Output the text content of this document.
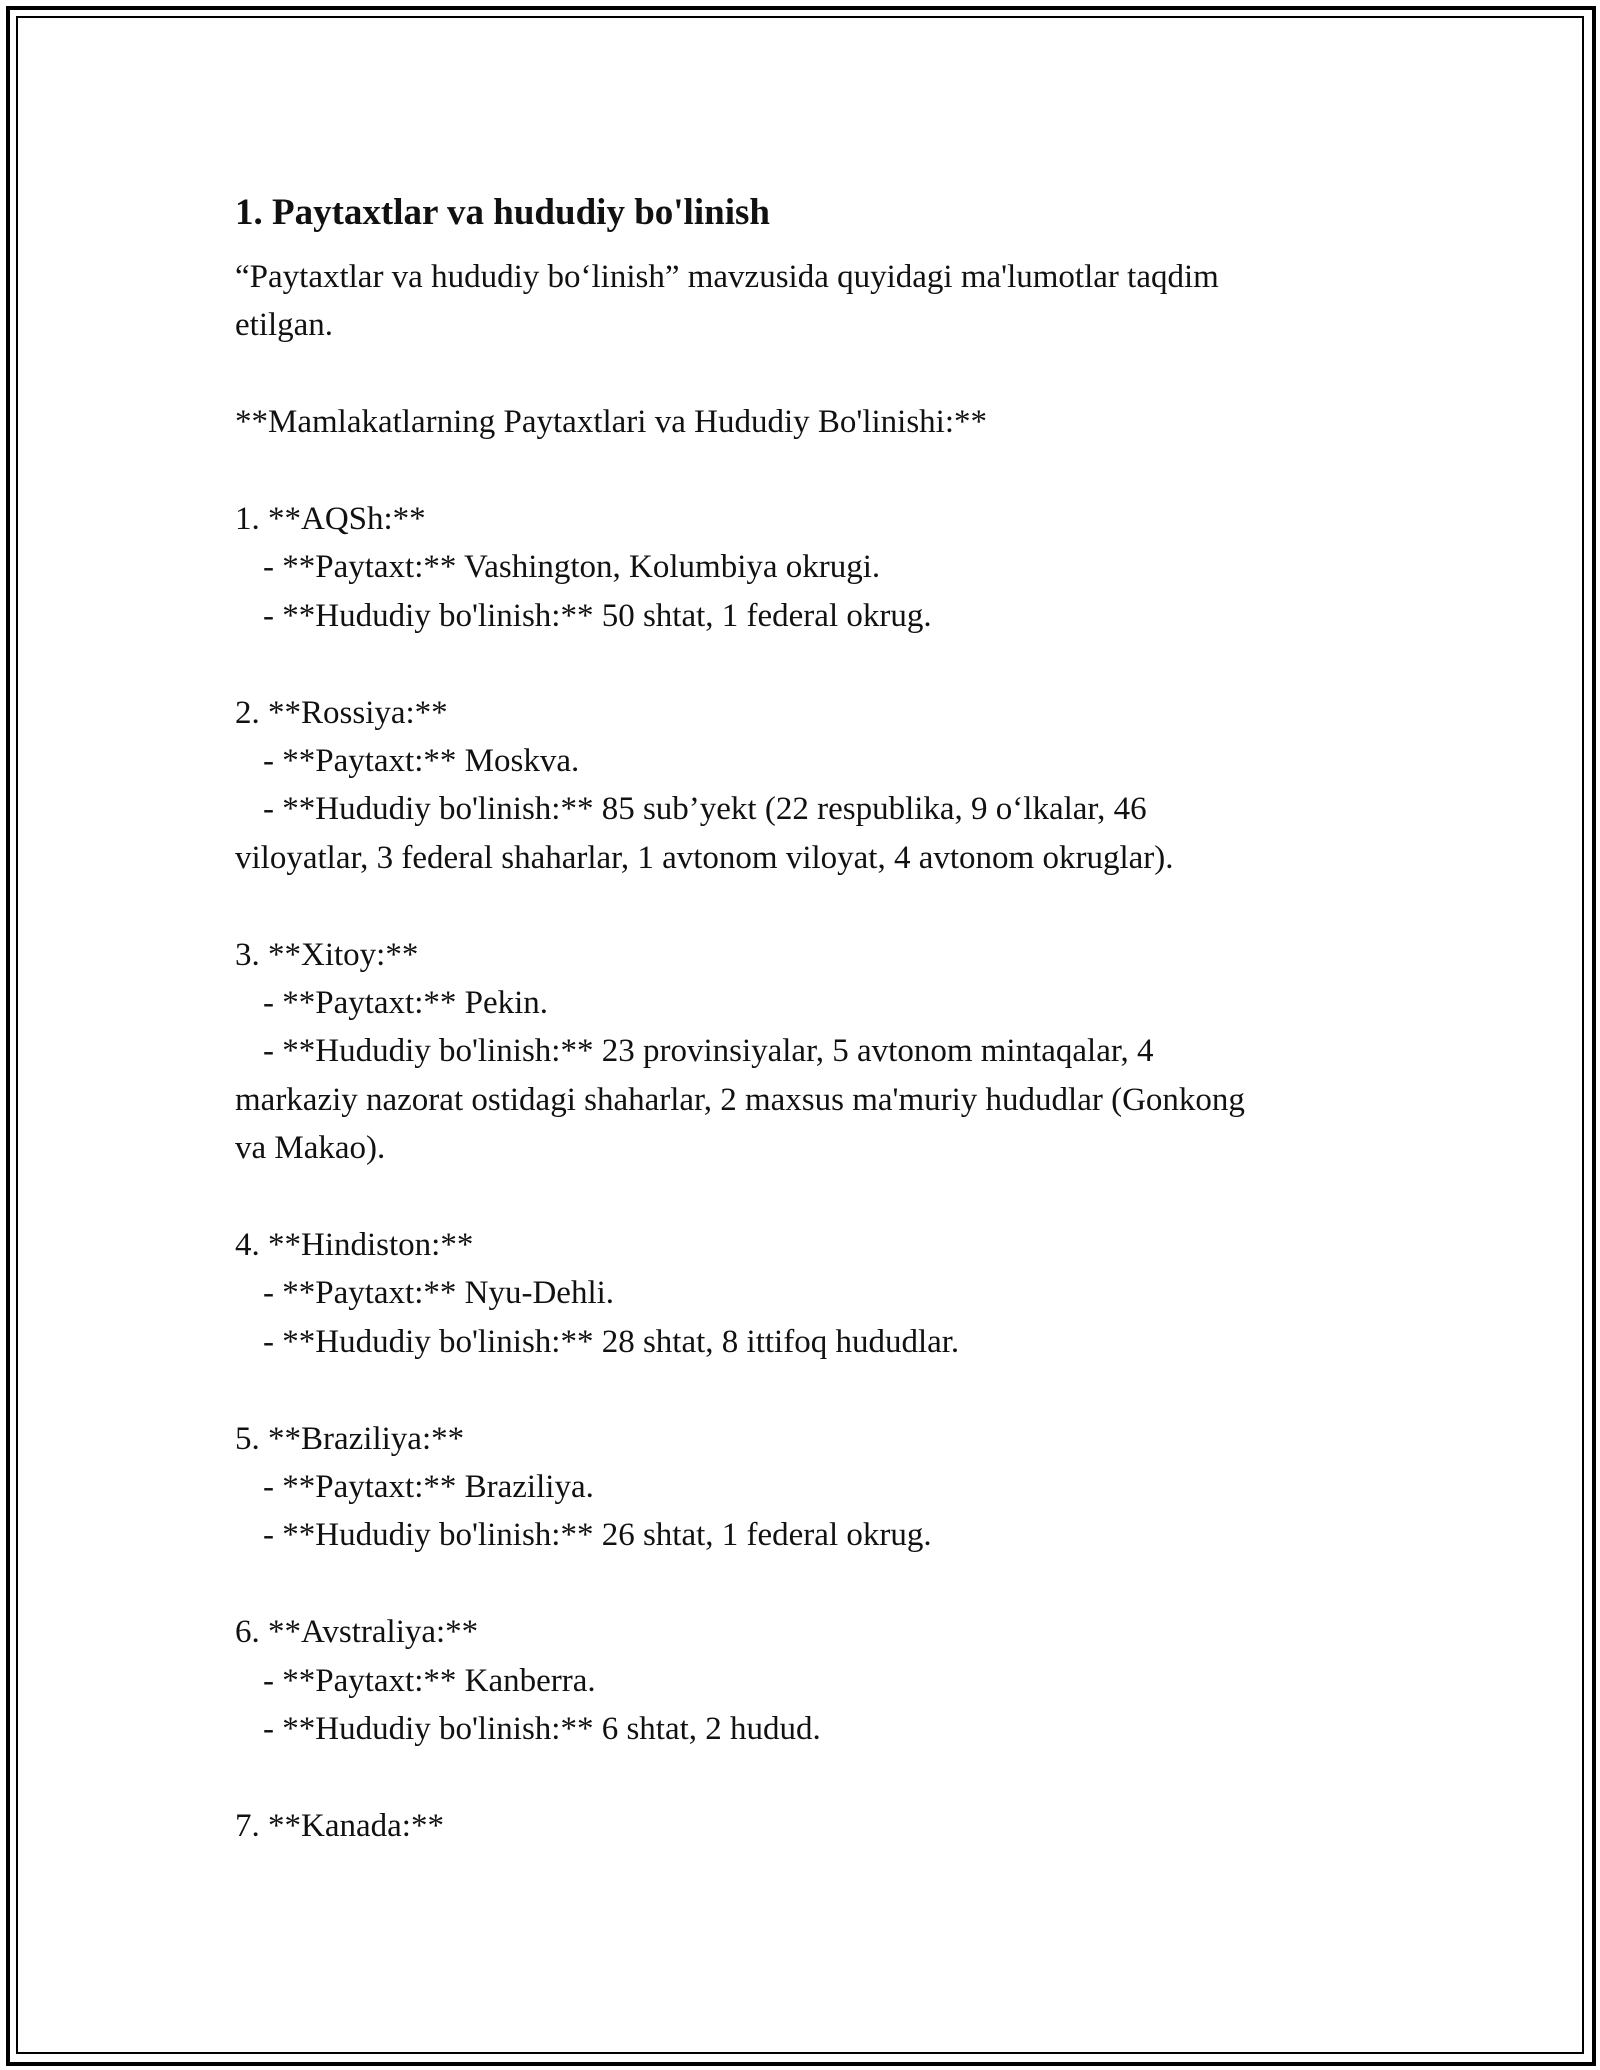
1. Paytaxtlar va hududiy bo'linish
“Paytaxtlar va hududiy bo‘linish” mavzusida quyidagi ma'lumotlar taqdim
etilgan.
**Mamlakatlarning Paytaxtlari va Hududiy Bo'linishi:**
1. **AQSh:**
- **Paytaxt:** Vashington, Kolumbiya okrugi.
- **Hududiy bo'linish:** 50 shtat, 1 federal okrug.
2. **Rossiya:**
- **Paytaxt:** Moskva.
- **Hududiy bo'linish:** 85 sub’yekt (22 respublika, 9 o‘lkalar, 46
viloyatlar, 3 federal shaharlar, 1 avtonom viloyat, 4 avtonom okruglar).
3. **Xitoy:**
- **Paytaxt:** Pekin.
- **Hududiy bo'linish:** 23 provinsiyalar, 5 avtonom mintaqalar, 4
markaziy nazorat ostidagi shaharlar, 2 maxsus ma'muriy hududlar (Gonkong
va Makao).
4. **Hindiston:**
- **Paytaxt:** Nyu-Dehli.
- **Hududiy bo'linish:** 28 shtat, 8 ittifoq hududlar.
5. **Braziliya:**
- **Paytaxt:** Braziliya.
- **Hududiy bo'linish:** 26 shtat, 1 federal okrug.
6. **Avstraliya:**
- **Paytaxt:** Kanberra.
- **Hududiy bo'linish:** 6 shtat, 2 hudud.
7. **Kanada:**
